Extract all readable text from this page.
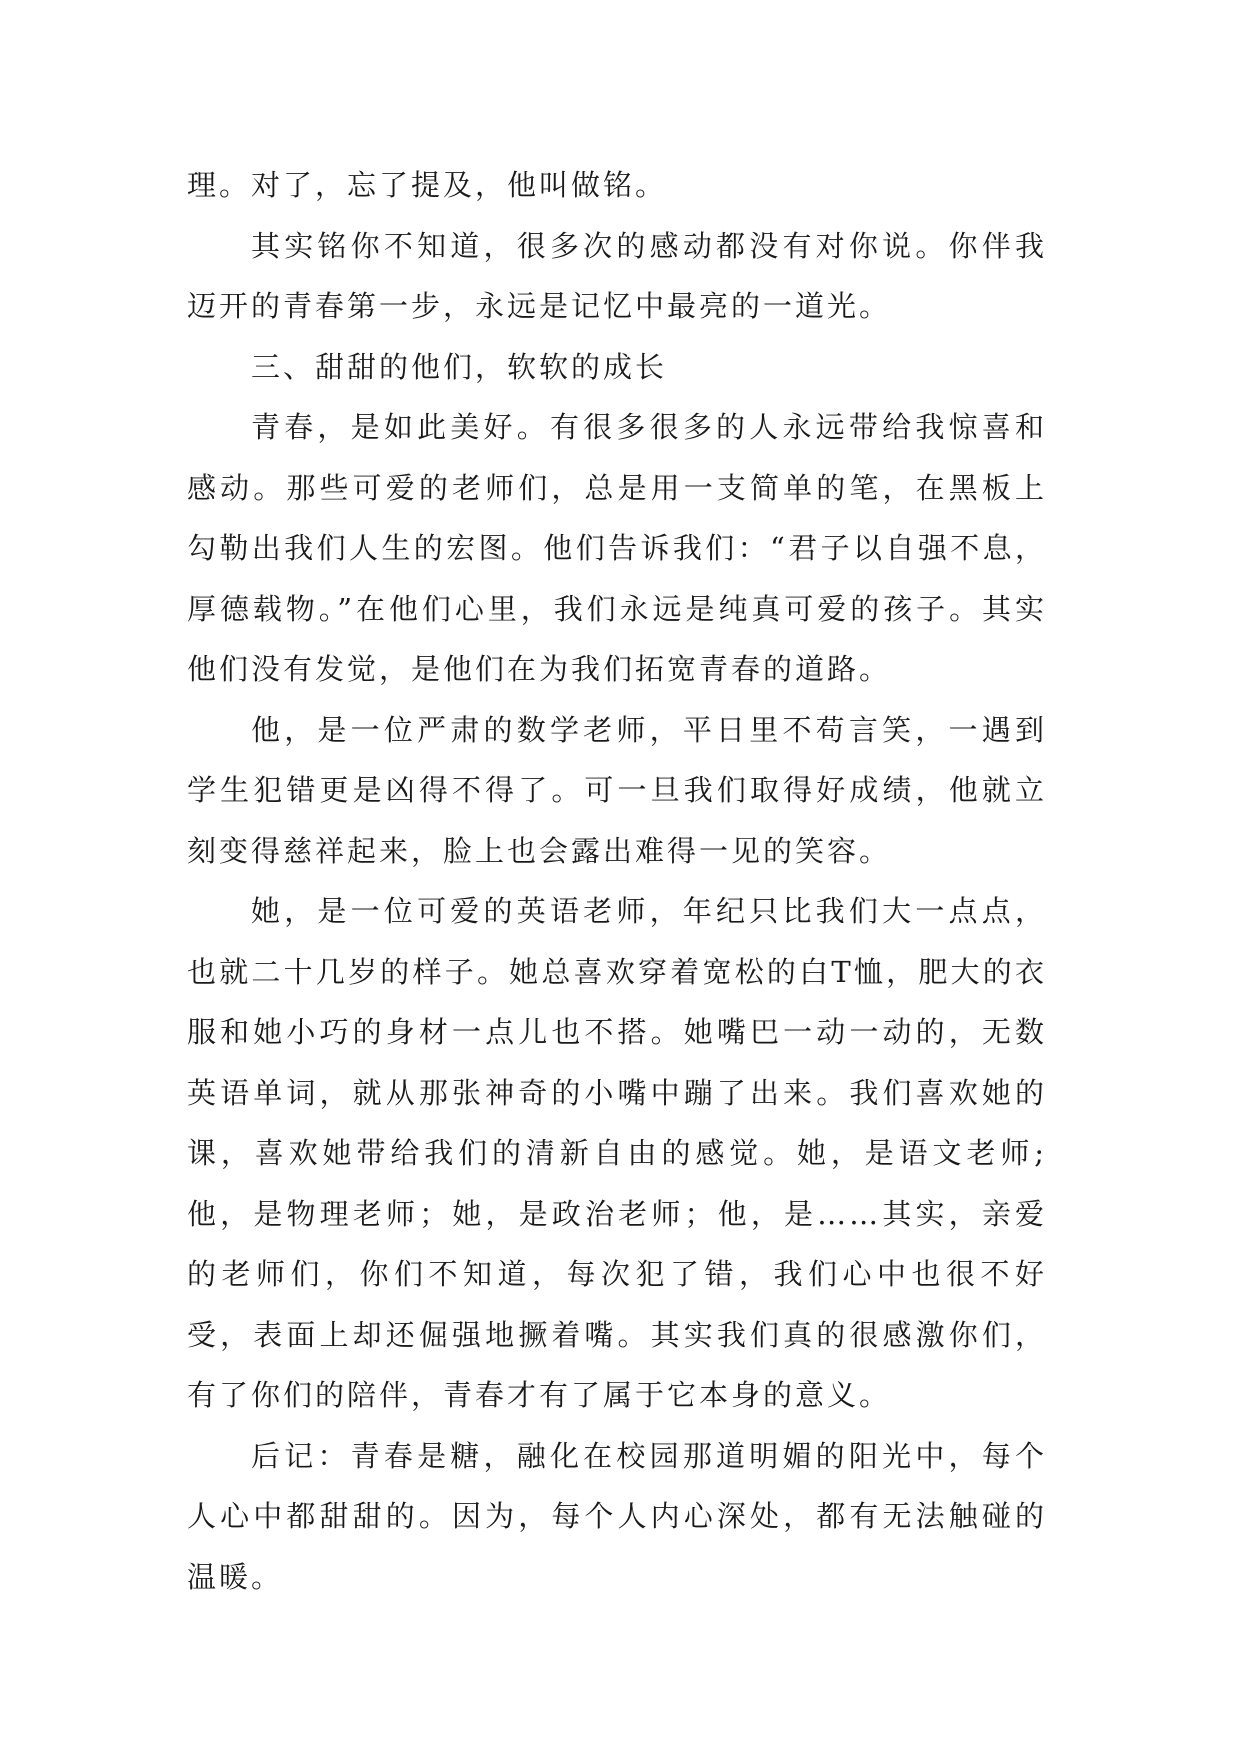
理。对了，忘了提及，他叫做铭。

其实铭你不知道，很多次的感动都没有对你说。你伴我迈开的青春第一步，永远是记忆中最亮的一道光。

三、甜甜的他们，软软的成长

青春，是如此美好。有很多很多的人永远带给我惊喜和感动。那些可爱的老师们，总是用一支简单的笔，在黑板上勾勒出我们人生的宏图。他们告诉我们：“君子以自强不息，厚德载物。”在他们心里，我们永远是纯真可爱的孩子。其实他们没有发觉，是他们在为我们拓宽青春的道路。

他，是一位严肃的数学老师，平日里不苟言笑，一遇到学生犯错更是凶得不得了。可一旦我们取得好成绩，他就立刻变得慈祥起来，脸上也会露出难得一见的笑容。

她，是一位可爱的英语老师，年纪只比我们大一点点，也就二十几岁的样子。她总喜欢穿着宽松的白T恤，肥大的衣服和她小巧的身材一点儿也不搭。她嘴巴一动一动的，无数英语单词，就从那张神奇的小嘴中蹦了出来。我们喜欢她的课，喜欢她带给我们的清新自由的感觉。她，是语文老师;他，是物理老师；她，是政治老师；他，是……其实，亲爱的老师们，你们不知道，每次犯了错，我们心中也很不好受，表面上却还倔强地撅着嘴。其实我们真的很感激你们，有了你们的陪伴，青春才有了属于它本身的意义。

后记：青春是糖，融化在校园那道明媚的阳光中，每个人心中都甜甜的。因为，每个人内心深处，都有无法触碰的温暖。
